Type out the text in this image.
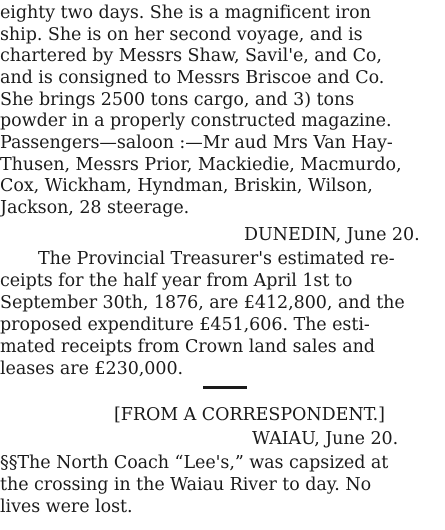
eighty two days. She is a magnificent iron
ship. She is on her second voyage, and is
chartered by Messrs Shaw, Savil'e, and Co,
and is consigned to Messrs Briscoe and Co.
She brings 2500 tons cargo, and 3) tons
powder in a properly constructed magazine.
Passengers—saloon :—Mr aud Mrs Van Hay-
Thusen, Messrs Prior, Mackiedie, Macmurdo,
Cox, Wickham, Hyndman, Briskin, Wilson,
Jackson, 28 steerage.
DUNEDIN, June 20.
The Provincial Treasurer's estimated re-
ceipts for the half year from April 1st to
September 30th, 1876, are £412,800, and the
proposed expenditure £451,606. The esti-
mated receipts from Crown land sales and
leases are £230,000.
[FROM A CORRESPONDENT.]
WAIAU, June 20.
§§The North Coach “Lee's,” was capsized at
the crossing in the Waiau River to day. No
lives were lost.
